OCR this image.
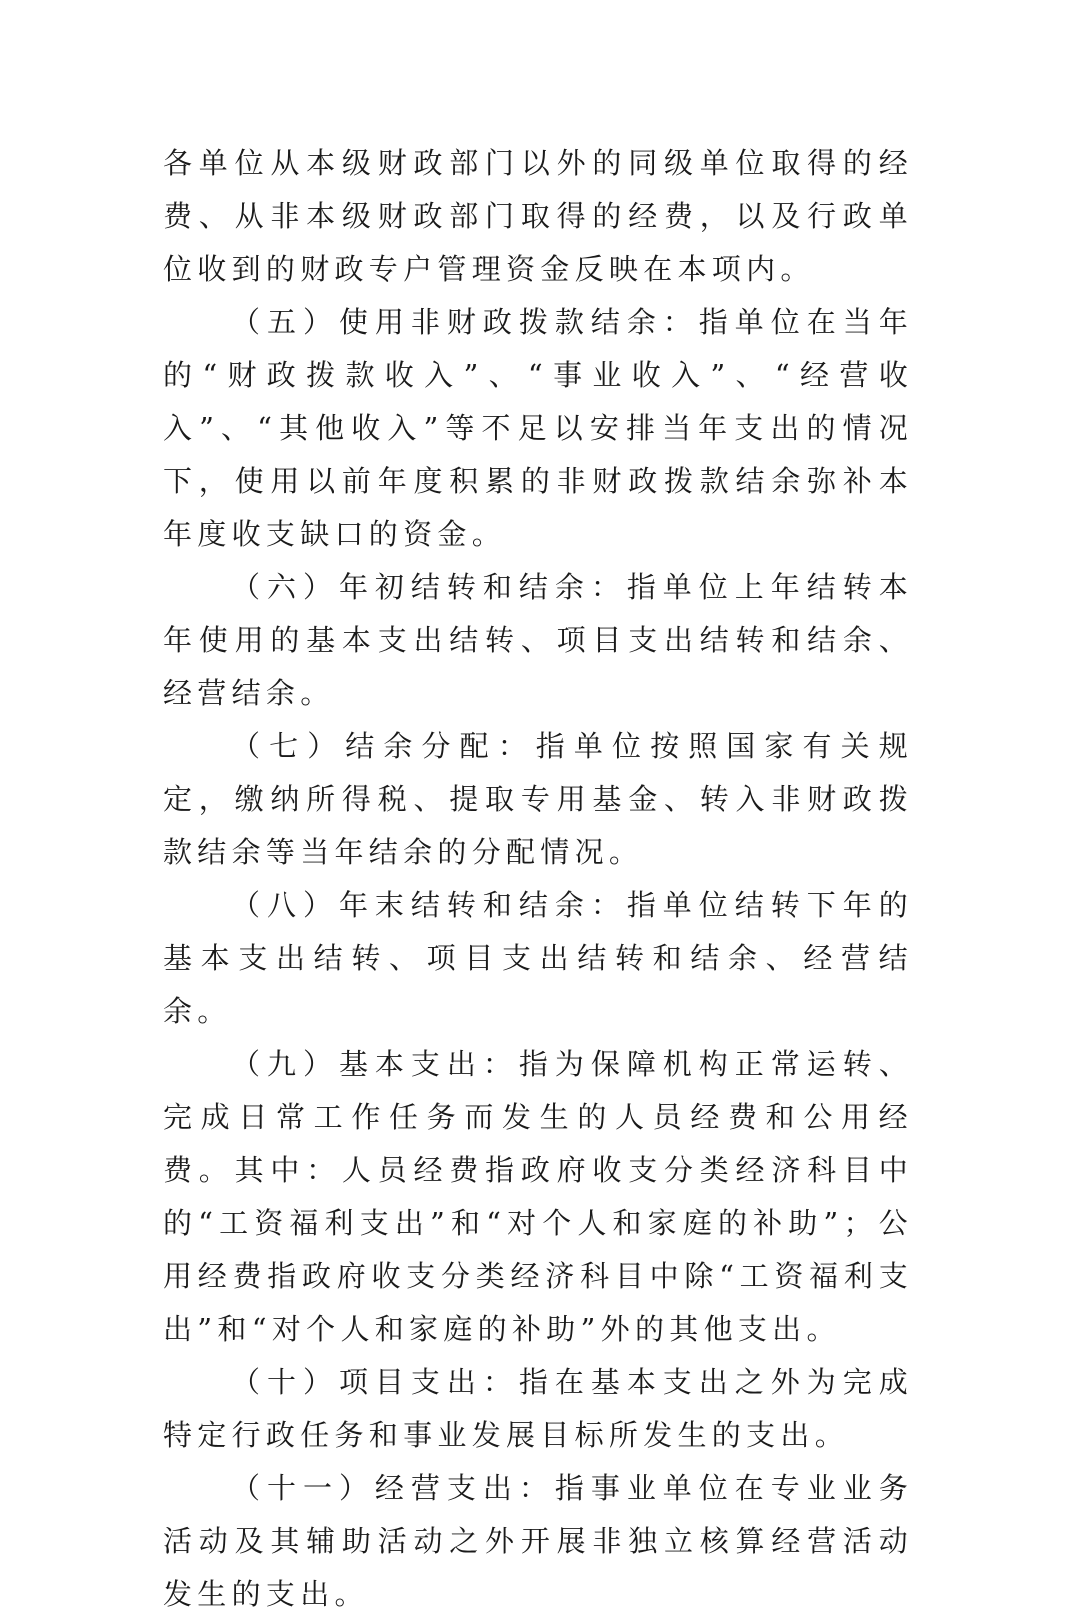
各单位从本级财政部门以外的同级单位取得的经费、从非本级财政部门取得的经费，以及行政单位收到的财政专户管理资金反映在本项内。

（五）使用非财政拨款结余：指单位在当年的“财政拨款收入”、“事业收入”、“经营收入”、“其他收入”等不足以安排当年支出的情况下，使用以前年度积累的非财政拨款结余弥补本年度收支缺口的资金。

（六）年初结转和结余：指单位上年结转本年使用的基本支出结转、项目支出结转和结余、经营结余。

（七）结余分配：指单位按照国家有关规定，缴纳所得税、提取专用基金、转入非财政拨款结余等当年结余的分配情况。

（八）年末结转和结余：指单位结转下年的基本支出结转、项目支出结转和结余、经营结余。

（九）基本支出：指为保障机构正常运转、完成日常工作任务而发生的人员经费和公用经费。其中：人员经费指政府收支分类经济科目中的“工资福利支出”和“对个人和家庭的补助”；公用经费指政府收支分类经济科目中除“工资福利支出”和“对个人和家庭的补助”外的其他支出。

（十）项目支出：指在基本支出之外为完成特定行政任务和事业发展目标所发生的支出。

（十一）经营支出：指事业单位在专业业务活动及其辅助活动之外开展非独立核算经营活动发生的支出。
